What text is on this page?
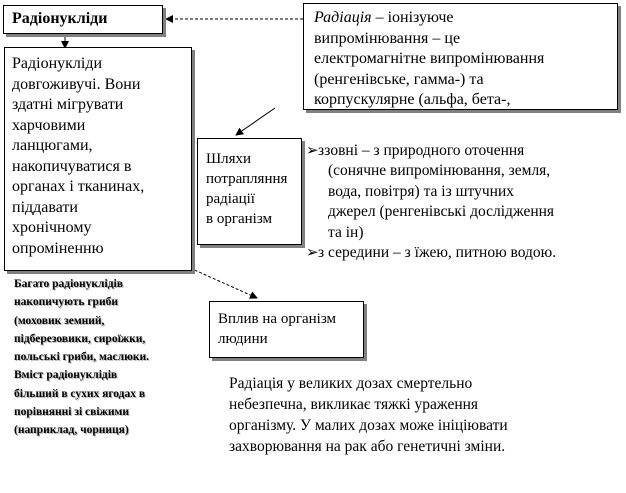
Радіонукліди
Радіонукліди
довгоживучі. Вони
здатні мігрувати
харчовими
ланцюгами,
накопичуватися в
органах і тканинах,
піддавати
хронічному
опроміненню
Радіація – іонізуюче
випромінювання – це
електромагнітне випромінювання
(ренгенівське, гамма-) та
корпускулярне (альфа, бета-,
Шляхи
потрапляння радіації
в організм
➢ ззовні – з природного оточення
(сонячне випромінювання, земля,
вода, повітря) та із штучних
джерел (ренгенівські дослідження
та ін)
➢ з середини – з їжею, питною водою.
Багато радіонуклідів
накопичують гриби
(моховик земний,
підберезовики, сироїжки,
польські гриби, маслюки.
Вміст радіонуклідів
більший в сухих ягодах в
порівнянні зі свіжими
(наприклад, чорниця)
Вплив на організм
людини
Радіація у великих дозах смертельно
небезпечна, викликає тяжкі ураження
організму. У малих дозах може ініціювати
захворювання на рак або генетичні зміни.
